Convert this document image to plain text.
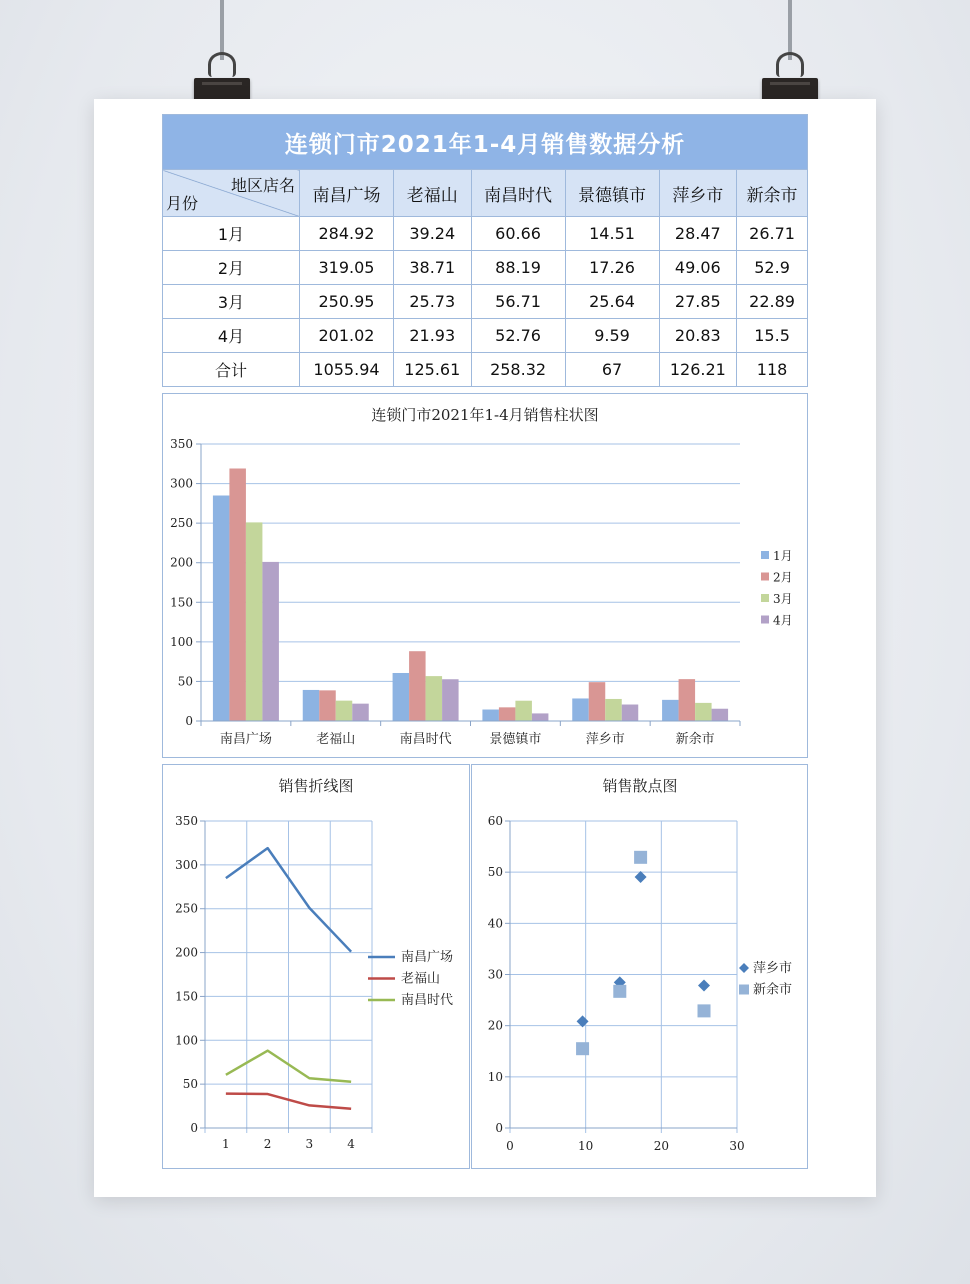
连锁门市2021年1-4月销售数据分析						

地区店名
月份	南昌广场	老福山	南昌时代	景德镇市	萍乡市	新余市
1月	284.92	39.24	60.66	14.51	28.47	26.71
2月	319.05	38.71	88.19	17.26	49.06	52.9
3月	250.95	25.73	56.71	25.64	27.85	22.89
4月	201.02	21.93	52.76	9.59	20.83	15.5
合计	1055.94	125.61	258.32	67	126.21	118
连锁门市2021年1-4月销售柱状图
0
50
100
150
200
250
300
350
南昌广场	老福山	南昌时代	景德镇市	萍乡市	新余市
1月
2月
3月
4月
销售折线图
0
50
100
150
200
250
300
350
1	2	3	4
南昌广场
老福山
南昌时代
销售散点图
0
10
20
30
40
50
60
0	10	20	30
萍乡市
新余市
